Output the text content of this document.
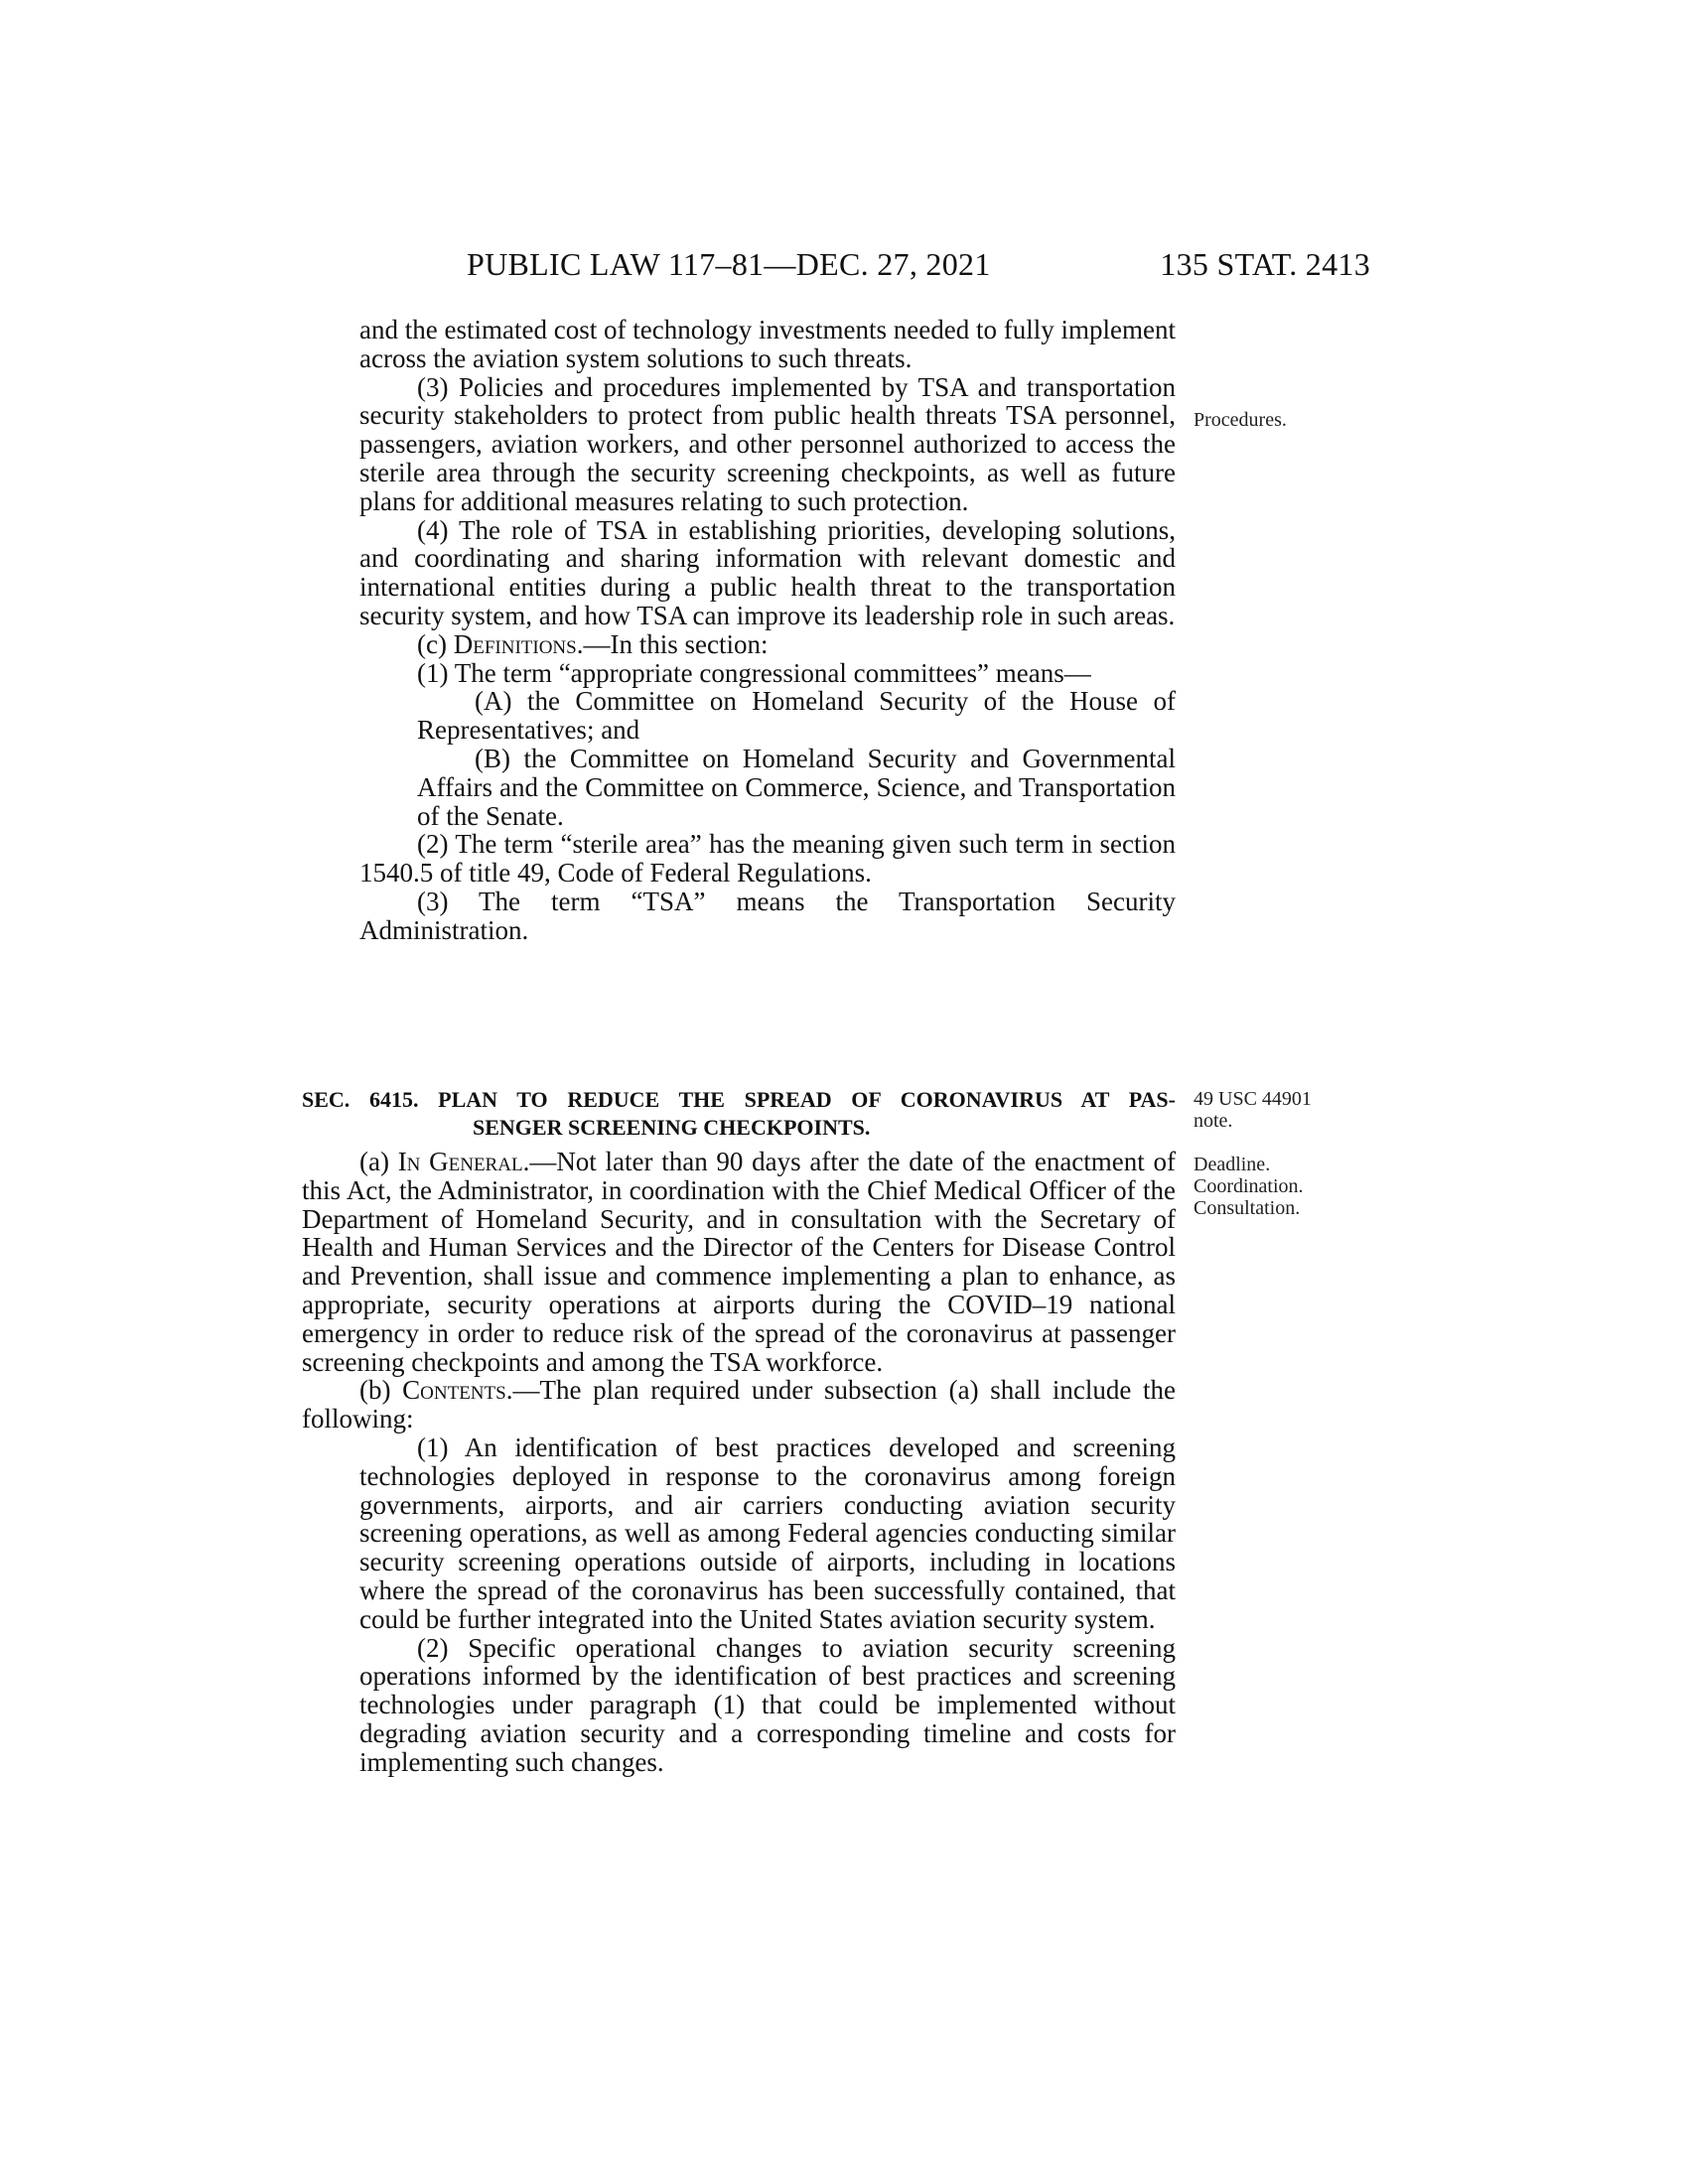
PUBLIC LAW 117–81—DEC. 27, 2021	135 STAT. 2413
Procedures.
49 USC 44901
note.
Deadline.
Coordination.
Consultation.

and the estimated cost of technology investments needed to fully implement across the aviation system solutions to such threats.

(3) Policies and procedures implemented by TSA and transportation security stakeholders to protect from public health threats TSA personnel, passengers, aviation workers, and other personnel authorized to access the sterile area through the security screening checkpoints, as well as future plans for additional measures relating to such protection.

(4) The role of TSA in establishing priorities, developing solutions, and coordinating and sharing information with relevant domestic and international entities during a public health threat to the transportation security system, and how TSA can improve its leadership role in such areas.

(c) Definitions.—In this section:

(1) The term “appropriate congressional committees” means—

(A) the Committee on Homeland Security of the House of Representatives; and

(B) the Committee on Homeland Security and Governmental Affairs and the Committee on Commerce, Science, and Transportation of the Senate.

(2) The term “sterile area” has the meaning given such term in section 1540.5 of title 49, Code of Federal Regulations.

(3) The term “TSA” means the Transportation Security Administration.

SEC. 6415. PLAN TO REDUCE THE SPREAD OF CORONAVIRUS AT PAS-
SENGER SCREENING CHECKPOINTS.

(a) In General.—Not later than 90 days after the date of the enactment of this Act, the Administrator, in coordination with the Chief Medical Officer of the Department of Homeland Security, and in consultation with the Secretary of Health and Human Services and the Director of the Centers for Disease Control and Prevention, shall issue and commence implementing a plan to enhance, as appropriate, security operations at airports during the COVID–19 national emergency in order to reduce risk of the spread of the coronavirus at passenger screening checkpoints and among the TSA workforce.

(b) Contents.—The plan required under subsection (a) shall include the following:

(1) An identification of best practices developed and screening technologies deployed in response to the coronavirus among foreign governments, airports, and air carriers conducting aviation security screening operations, as well as among Federal agencies conducting similar security screening operations outside of airports, including in locations where the spread of the coronavirus has been successfully contained, that could be further integrated into the United States aviation security system.

(2) Specific operational changes to aviation security screening operations informed by the identification of best practices and screening technologies under paragraph (1) that could be implemented without degrading aviation security and a corresponding timeline and costs for implementing such changes.
